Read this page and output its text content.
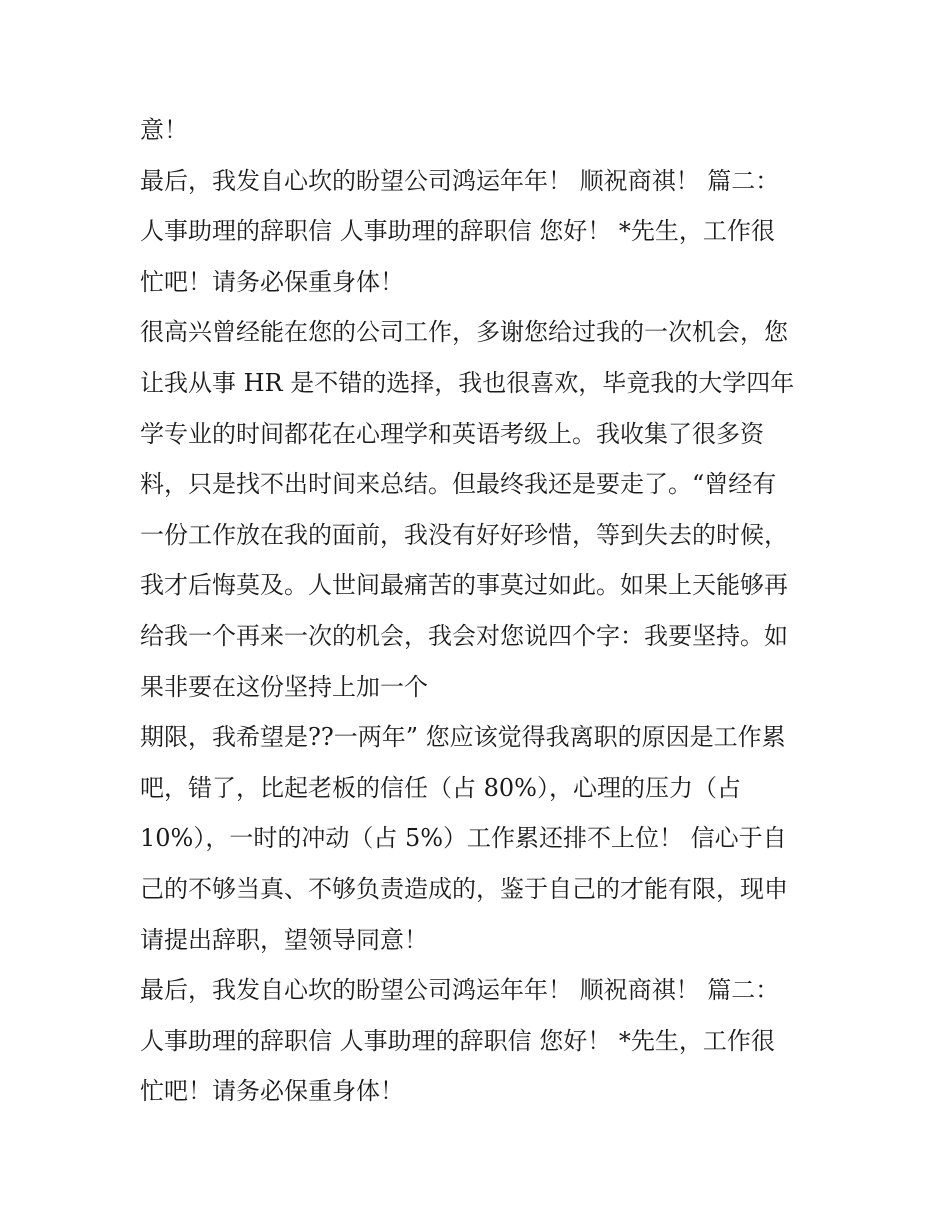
意！
最后，我发自心坎的盼望公司鸿运年年！ 顺祝商祺！ 篇二：
人事助理的辞职信 人事助理的辞职信 您好！ *先生，工作很
忙吧！请务必保重身体！
很高兴曾经能在您的公司工作，多谢您给过我的一次机会，您
让我从事 HR 是不错的选择，我也很喜欢，毕竟我的大学四年
学专业的时间都花在心理学和英语考级上。我收集了很多资
料，只是找不出时间来总结。但最终我还是要走了。“曾经有
一份工作放在我的面前，我没有好好珍惜，等到失去的时候，
我才后悔莫及。人世间最痛苦的事莫过如此。如果上天能够再
给我一个再来一次的机会，我会对您说四个字：我要坚持。如
果非要在这份坚持上加一个
期限，我希望是??一两年” 您应该觉得我离职的原因是工作累
吧，错了，比起老板的信任（占 80%），心理的压力（占
10%），一时的冲动（占 5%）工作累还排不上位！ 信心于自
己的不够当真、不够负责造成的，鉴于自己的才能有限，现申
请提出辞职，望领导同意！
最后，我发自心坎的盼望公司鸿运年年！ 顺祝商祺！ 篇二：
人事助理的辞职信 人事助理的辞职信 您好！ *先生，工作很
忙吧！请务必保重身体！
